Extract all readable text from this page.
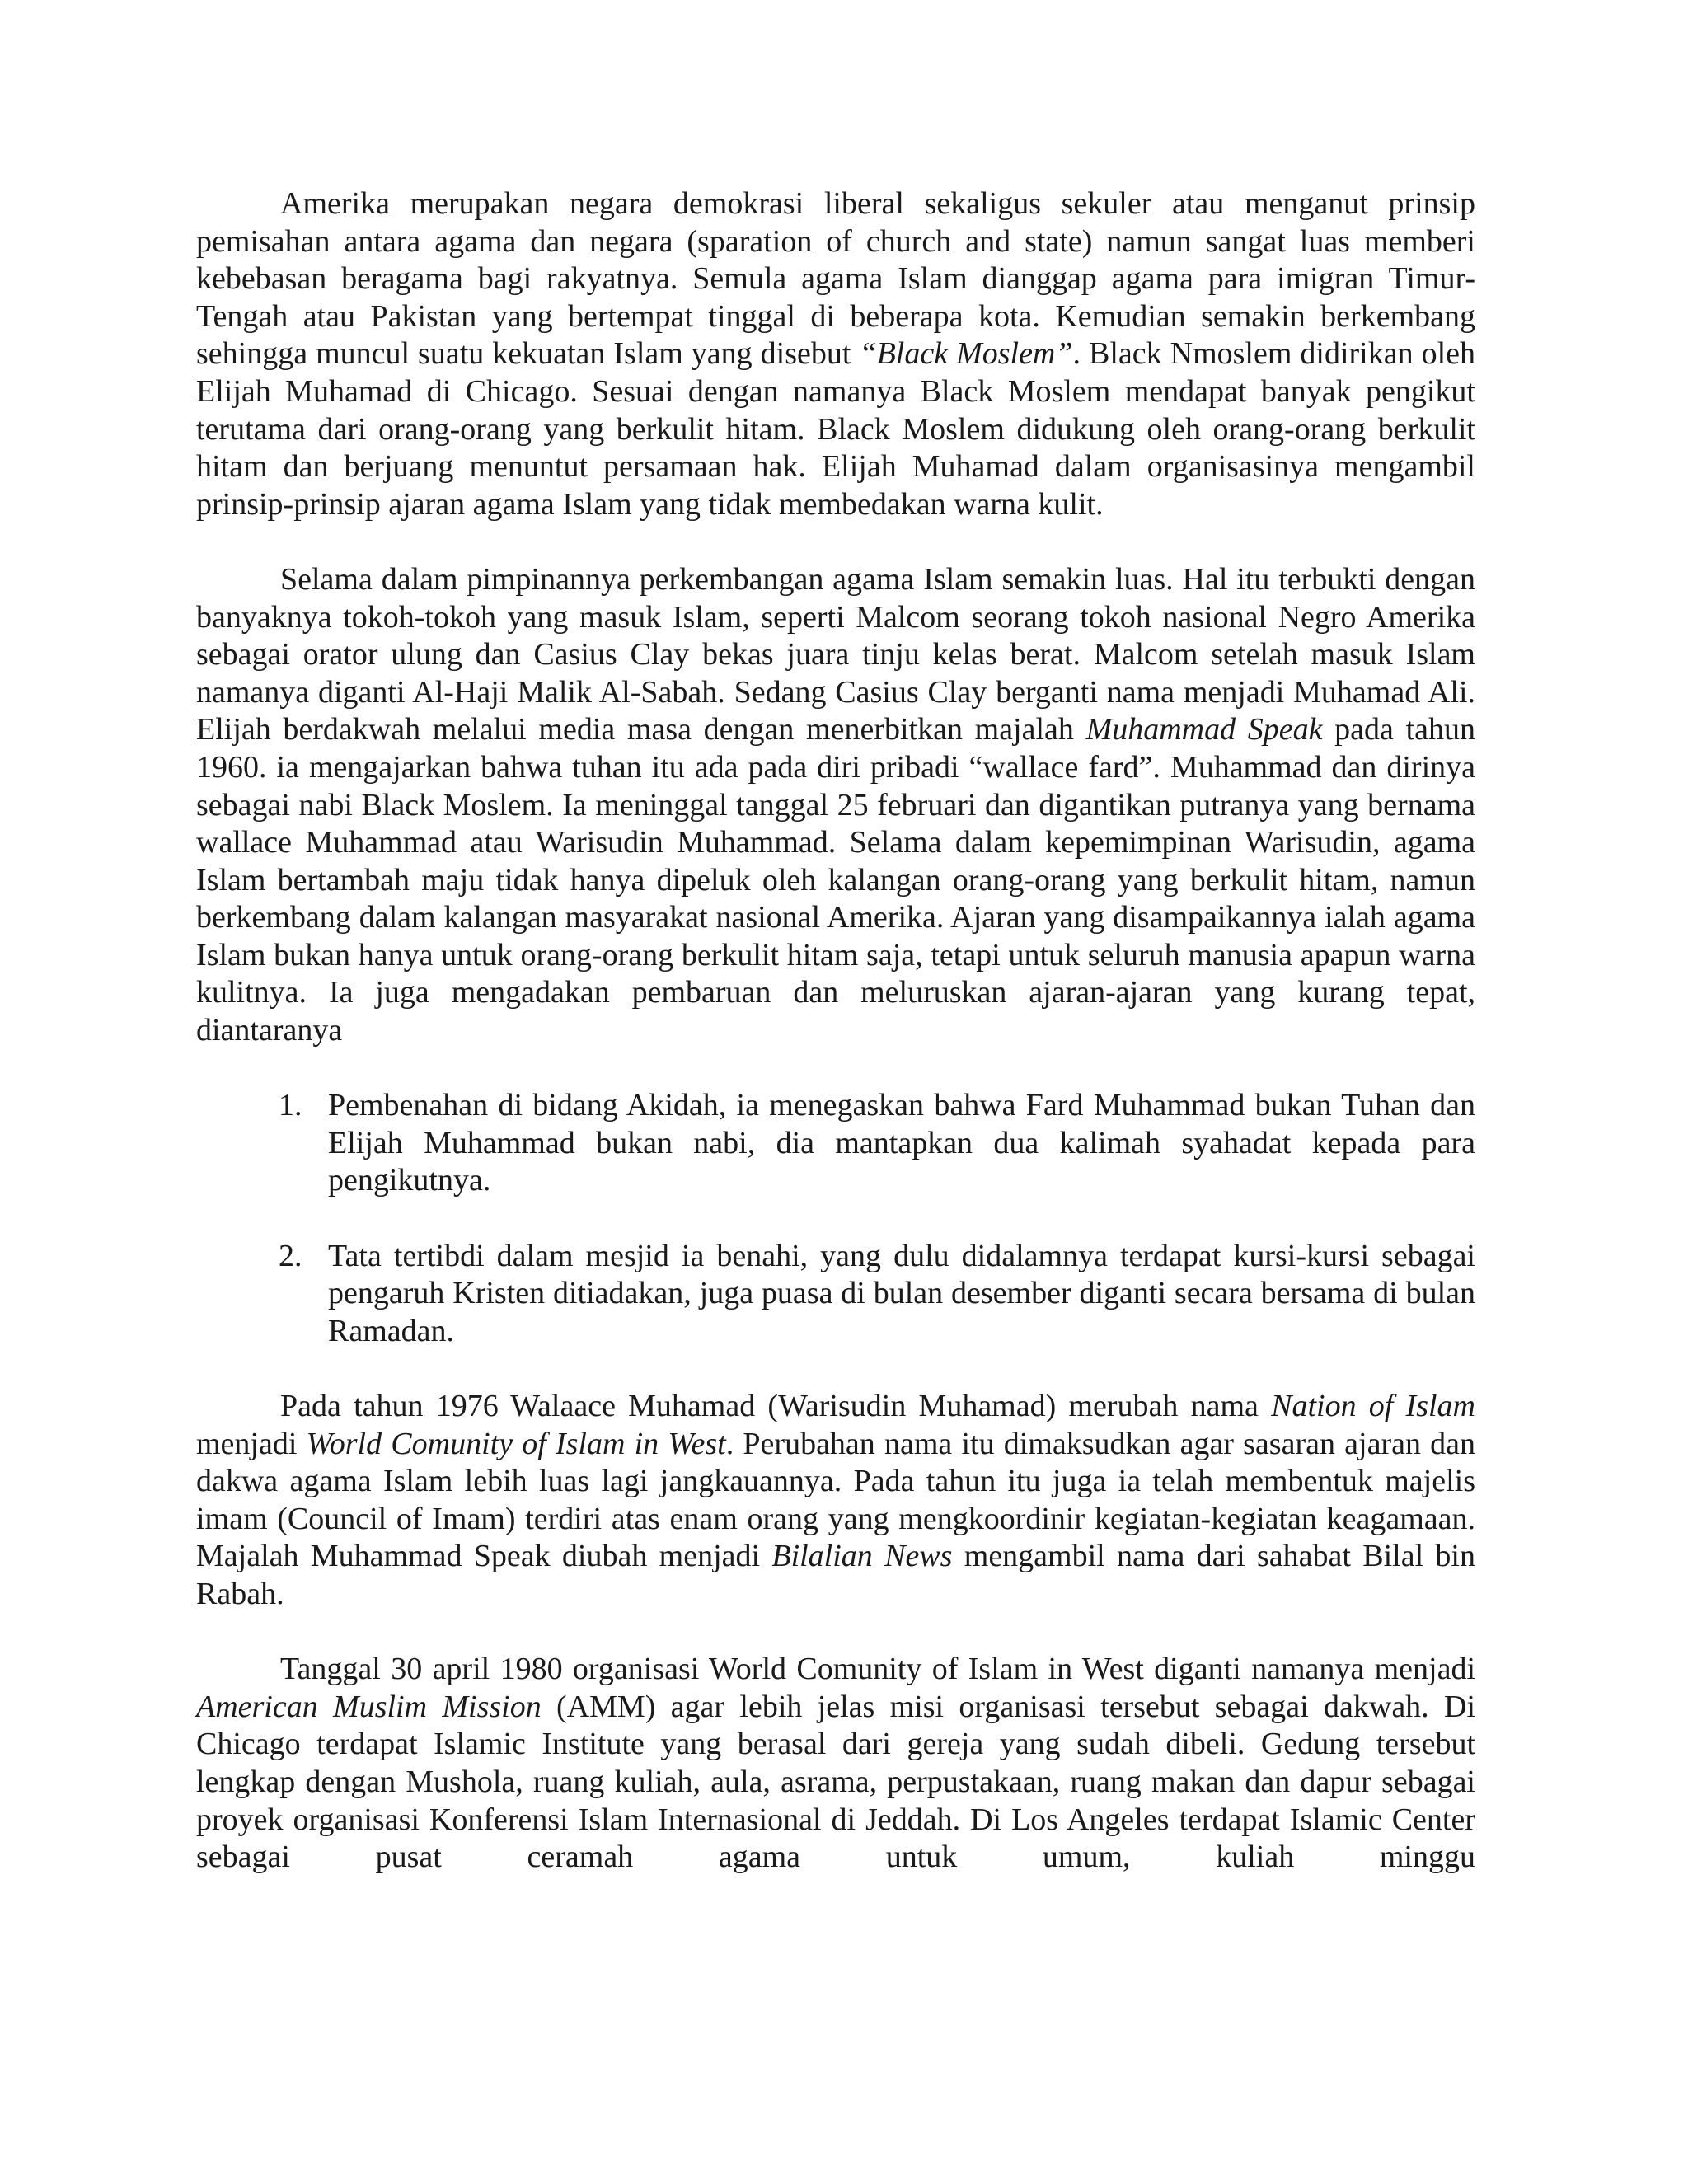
Amerika merupakan negara demokrasi liberal sekaligus sekuler atau menganut prinsip pemisahan antara agama dan negara (sparation of church and state) namun sangat luas memberi kebebasan beragama bagi rakyatnya. Semula agama Islam dianggap agama para imigran Timur-Tengah atau Pakistan yang bertempat tinggal di beberapa kota. Kemudian semakin berkembang sehingga muncul suatu kekuatan Islam yang disebut “Black Moslem”. Black Nmoslem didirikan oleh Elijah Muhamad di Chicago. Sesuai dengan namanya Black Moslem mendapat banyak pengikut terutama dari orang-orang yang berkulit hitam. Black Moslem didukung oleh orang-orang berkulit hitam dan berjuang menuntut persamaan hak. Elijah Muhamad dalam organisasinya mengambil prinsip-prinsip ajaran agama Islam yang tidak membedakan warna kulit.

Selama dalam pimpinannya perkembangan agama Islam semakin luas. Hal itu terbukti dengan banyaknya tokoh-tokoh yang masuk Islam, seperti Malcom seorang tokoh nasional Negro Amerika sebagai orator ulung dan Casius Clay bekas juara tinju kelas berat. Malcom setelah masuk Islam namanya diganti Al-Haji Malik Al-Sabah. Sedang Casius Clay berganti nama menjadi Muhamad Ali. Elijah berdakwah melalui media masa dengan menerbitkan majalah Muhammad Speak pada tahun 1960. ia mengajarkan bahwa tuhan itu ada pada diri pribadi “wallace fard”. Muhammad dan dirinya sebagai nabi Black Moslem. Ia meninggal tanggal 25 februari dan digantikan putranya yang bernama wallace Muhammad atau Warisudin Muhammad. Selama dalam kepemimpinan Warisudin, agama Islam bertambah maju tidak hanya dipeluk oleh kalangan orang-orang yang berkulit hitam, namun berkembang dalam kalangan masyarakat nasional Amerika. Ajaran yang disampaikannya ialah agama Islam bukan hanya untuk orang-orang berkulit hitam saja, tetapi untuk seluruh manusia apapun warna kulitnya. Ia juga mengadakan pembaruan dan meluruskan ajaran-ajaran yang kurang tepat, diantaranya

1. Pembenahan di bidang Akidah, ia menegaskan bahwa Fard Muhammad bukan Tuhan dan Elijah Muhammad bukan nabi, dia mantapkan dua kalimah syahadat kepada para pengikutnya.
2. Tata tertibdi dalam mesjid ia benahi, yang dulu didalamnya terdapat kursi-kursi sebagai pengaruh Kristen ditiadakan, juga puasa di bulan desember diganti secara bersama di bulan Ramadan.

Pada tahun 1976 Walaace Muhamad (Warisudin Muhamad) merubah nama Nation of Islam menjadi World Comunity of Islam in West. Perubahan nama itu dimaksudkan agar sasaran ajaran dan dakwa agama Islam lebih luas lagi jangkauannya. Pada tahun itu juga ia telah membentuk majelis imam (Council of Imam) terdiri atas enam orang yang mengkoordinir kegiatan-kegiatan keagamaan. Majalah Muhammad Speak diubah menjadi Bilalian News mengambil nama dari sahabat Bilal bin Rabah.

Tanggal 30 april 1980 organisasi World Comunity of Islam in West diganti namanya menjadi American Muslim Mission (AMM) agar lebih jelas misi organisasi tersebut sebagai dakwah. Di Chicago terdapat Islamic Institute yang berasal dari gereja yang sudah dibeli. Gedung tersebut lengkap dengan Mushola, ruang kuliah, aula, asrama, perpustakaan, ruang makan dan dapur sebagai proyek organisasi Konferensi Islam Internasional di Jeddah. Di Los Angeles terdapat Islamic Center sebagai pusat ceramah agama untuk umum, kuliah minggu
